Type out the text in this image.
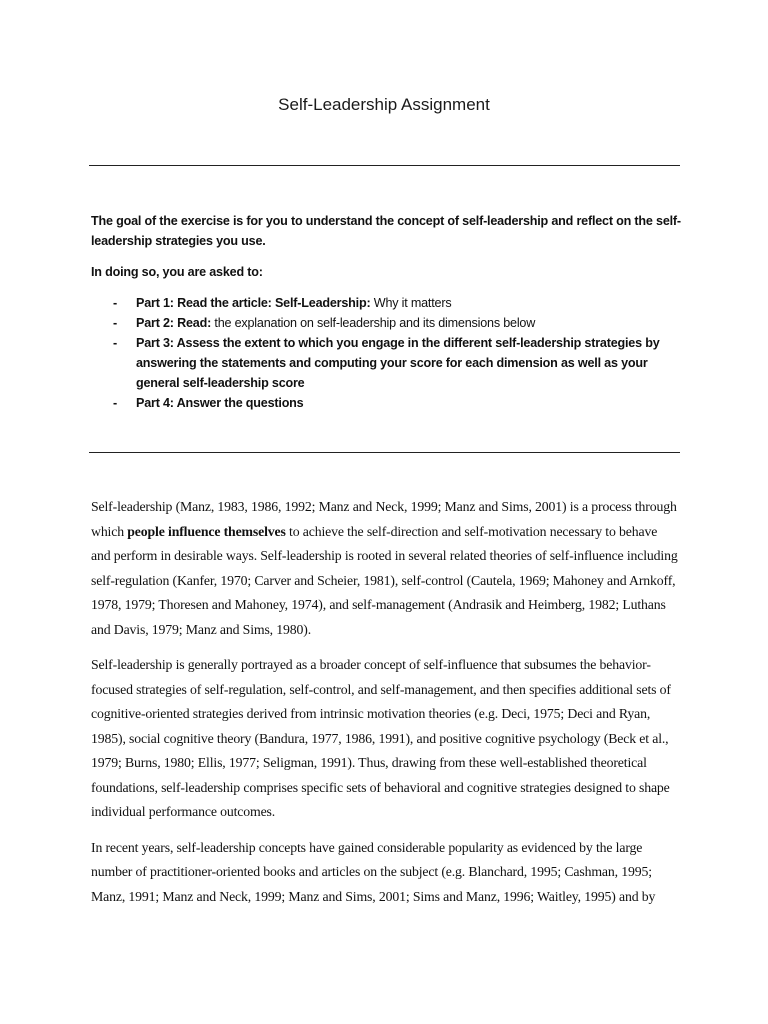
Self-Leadership Assignment

The goal of the exercise is for you to understand the concept of self-leadership and reflect on the self-leadership strategies you use.

In doing so, you are asked to:

- Part 1: Read the article: Self-Leadership: Why it matters
- Part 2: Read: the explanation on self-leadership and its dimensions below
- Part 3: Assess the extent to which you engage in the different self-leadership strategies by answering the statements and computing your score for each dimension as well as your general self-leadership score
- Part 4: Answer the questions

Self-leadership (Manz, 1983, 1986, 1992; Manz and Neck, 1999; Manz and Sims, 2001) is a process through which people influence themselves to achieve the self-direction and self-motivation necessary to behave and perform in desirable ways. Self-leadership is rooted in several related theories of self-influence including self-regulation (Kanfer, 1970; Carver and Scheier, 1981), self-control (Cautela, 1969; Mahoney and Arnkoff, 1978, 1979; Thoresen and Mahoney, 1974), and self-management (Andrasik and Heimberg, 1982; Luthans and Davis, 1979; Manz and Sims, 1980).

Self-leadership is generally portrayed as a broader concept of self-influence that subsumes the behavior-focused strategies of self-regulation, self-control, and self-management, and then specifies additional sets of cognitive-oriented strategies derived from intrinsic motivation theories (e.g. Deci, 1975; Deci and Ryan, 1985), social cognitive theory (Bandura, 1977, 1986, 1991), and positive cognitive psychology (Beck et al., 1979; Burns, 1980; Ellis, 1977; Seligman, 1991). Thus, drawing from these well-established theoretical foundations, self-leadership comprises specific sets of behavioral and cognitive strategies designed to shape individual performance outcomes.

In recent years, self-leadership concepts have gained considerable popularity as evidenced by the large number of practitioner-oriented books and articles on the subject (e.g. Blanchard, 1995; Cashman, 1995; Manz, 1991; Manz and Neck, 1999; Manz and Sims, 2001; Sims and Manz, 1996; Waitley, 1995) and by
